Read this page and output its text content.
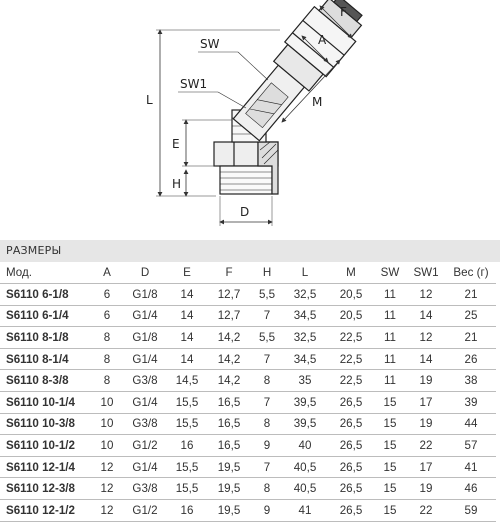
F
A
SW
SW1
M
L
E
H
D
РАЗМЕРЫ
Мод.	A	D	E	F	H	L	M	SW	SW1	Вес (г)
S6110 6-1/8	6	G1/8	14	12,7	5,5	32,5	20,5	11	12	21
S6110 6-1/4	6	G1/4	14	12,7	7	34,5	20,5	11	14	25
S6110 8-1/8	8	G1/8	14	14,2	5,5	32,5	22,5	11	12	21
S6110 8-1/4	8	G1/4	14	14,2	7	34,5	22,5	11	14	26
S6110 8-3/8	8	G3/8	14,5	14,2	8	35	22,5	11	19	38
S6110 10-1/4	10	G1/4	15,5	16,5	7	39,5	26,5	15	17	39
S6110 10-3/8	10	G3/8	15,5	16,5	8	39,5	26,5	15	19	44
S6110 10-1/2	10	G1/2	16	16,5	9	40	26,5	15	22	57
S6110 12-1/4	12	G1/4	15,5	19,5	7	40,5	26,5	15	17	41
S6110 12-3/8	12	G3/8	15,5	19,5	8	40,5	26,5	15	19	46
S6110 12-1/2	12	G1/2	16	19,5	9	41	26,5	15	22	59
